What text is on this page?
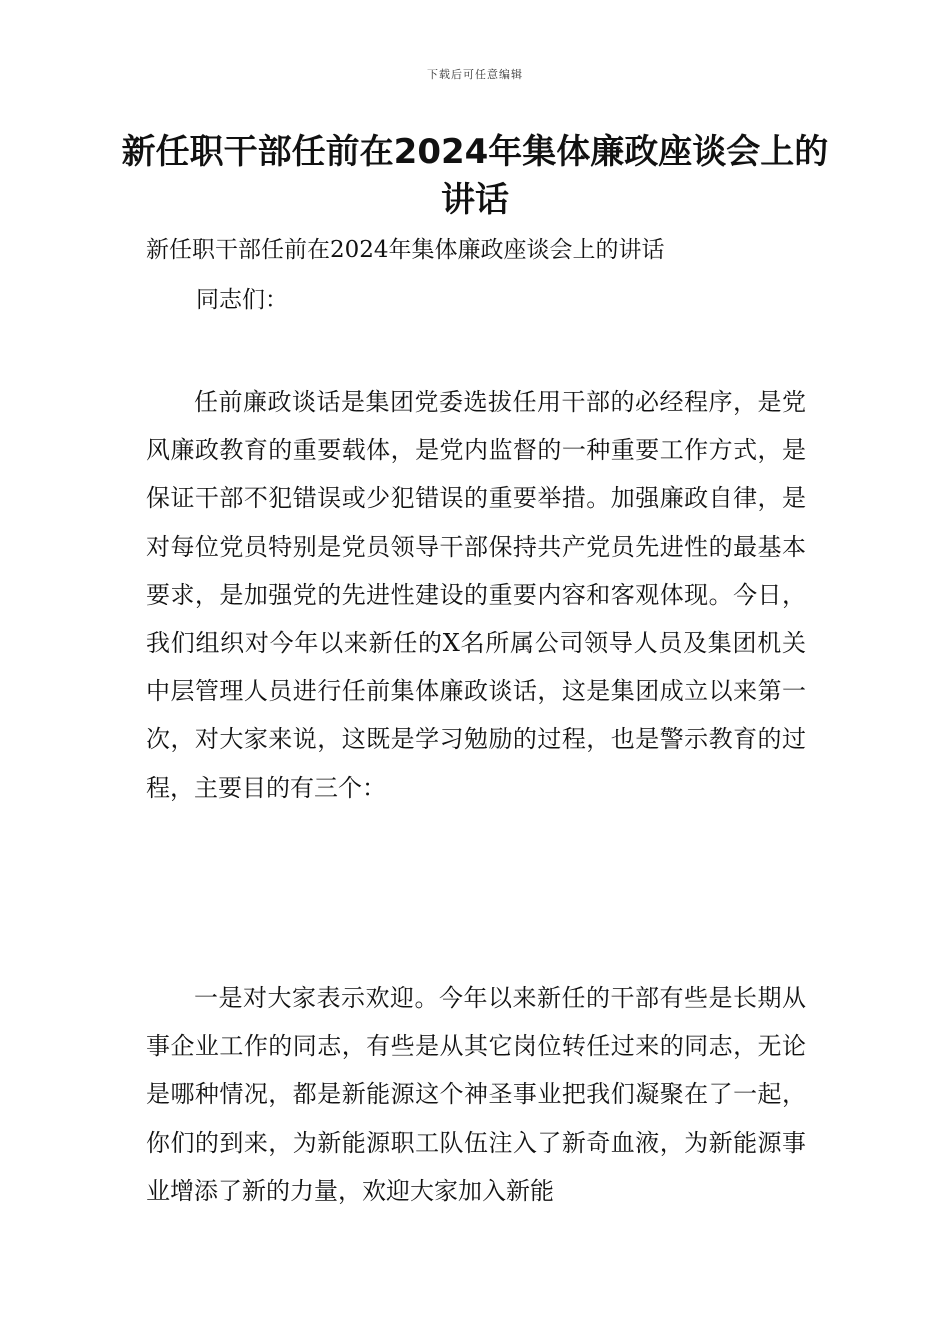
下载后可任意编辑
新任职干部任前在2024年集体廉政座谈会上的讲话
新任职干部任前在2024年集体廉政座谈会上的讲话
同志们：

任前廉政谈话是集团党委选拔任用干部的必经程序，是党风廉政教育的重要载体，是党内监督的一种重要工作方式，是保证干部不犯错误或少犯错误的重要举措。加强廉政自律，是对每位党员特别是党员领导干部保持共产党员先进性的最基本要求，是加强党的先进性建设的重要内容和客观体现。今日，我们组织对今年以来新任的X名所属公司领导人员及集团机关中层管理人员进行任前集体廉政谈话，这是集团成立以来第一次，对大家来说，这既是学习勉励的过程，也是警示教育的过程，主要目的有三个：

一是对大家表示欢迎。今年以来新任的干部有些是长期从事企业工作的同志，有些是从其它岗位转任过来的同志，无论是哪种情况，都是新能源这个神圣事业把我们凝聚在了一起，你们的到来，为新能源职工队伍注入了新奇血液，为新能源事业增添了新的力量，欢迎大家加入新能
